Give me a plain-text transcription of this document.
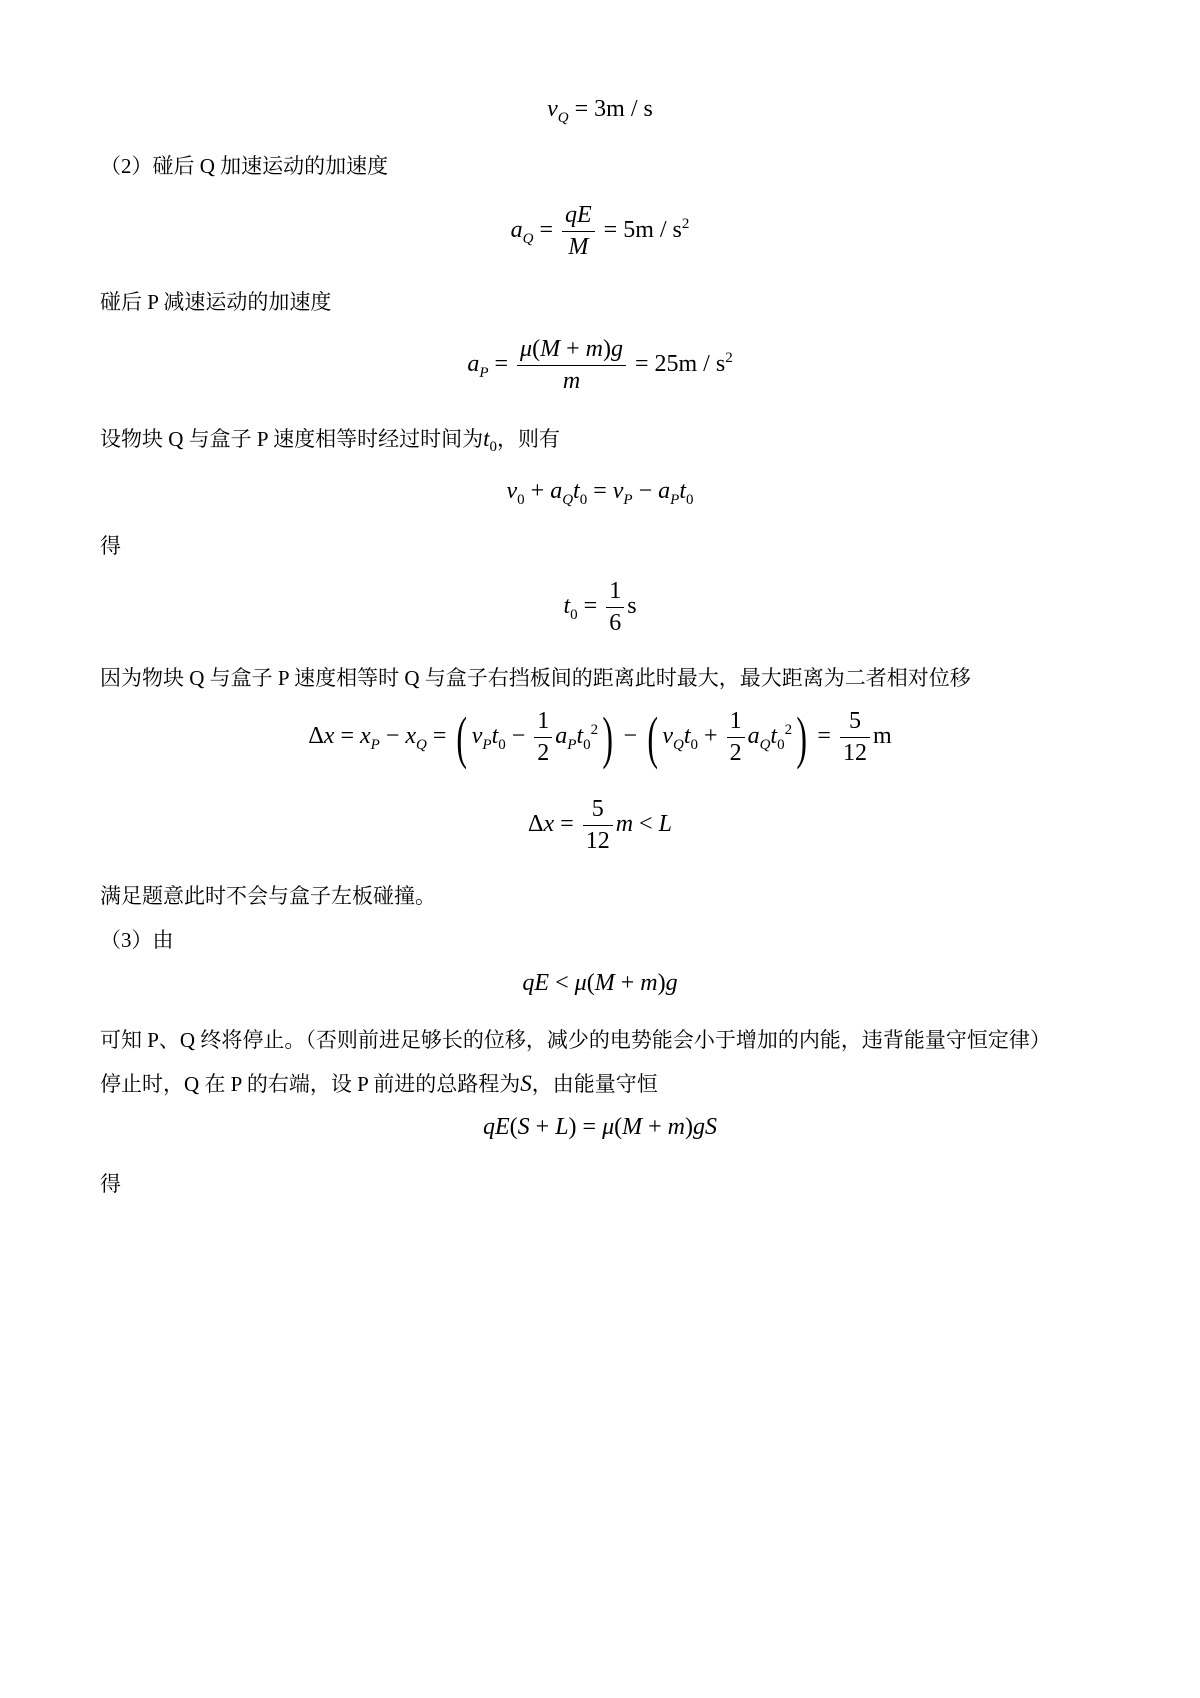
$v_Q = 3m / s$
（2）碰后 Q 加速运动的加速度
$a_Q = \frac{qE}{M} = 5m / s^2$
碰后 P 减速运动的加速度
$a_P = \frac{\mu(M + m)g}{m} = 25m / s^2$
设物块 Q 与盒子 P 速度相等时经过时间为$t_0$，则有
$v_0 + a_Qt_0 = v_P - a_Pt_0$
得
$t_0 = \frac{1}{6}$ s
因为物块 Q 与盒子 P 速度相等时 Q 与盒子右挡板间的距离此时最大，最大距离为二者相对位移
$\Delta x = x_P - x_Q$ = ( $v_Pt_0 - \frac{1}{2} a_Pt_0^2$) − ( $v_Qt_0 + \frac{1}{2} a_Qt_0^2) = \frac{5}{12}$ m
$\Delta x = \frac{5}{12}$ m < L
满足题意此时不会与盒子左板碰撞。
（3）由
qE < μ(M + m)g
可知 P、Q 终将停止。（否则前进足够长的位移，减少的电势能会小于增加的内能，违背能量守恒定律）
停止时，Q 在 P 的右端，设 P 前进的总路程为S，由能量守恒
qE(S + L) = μ(M + m)gS
得
